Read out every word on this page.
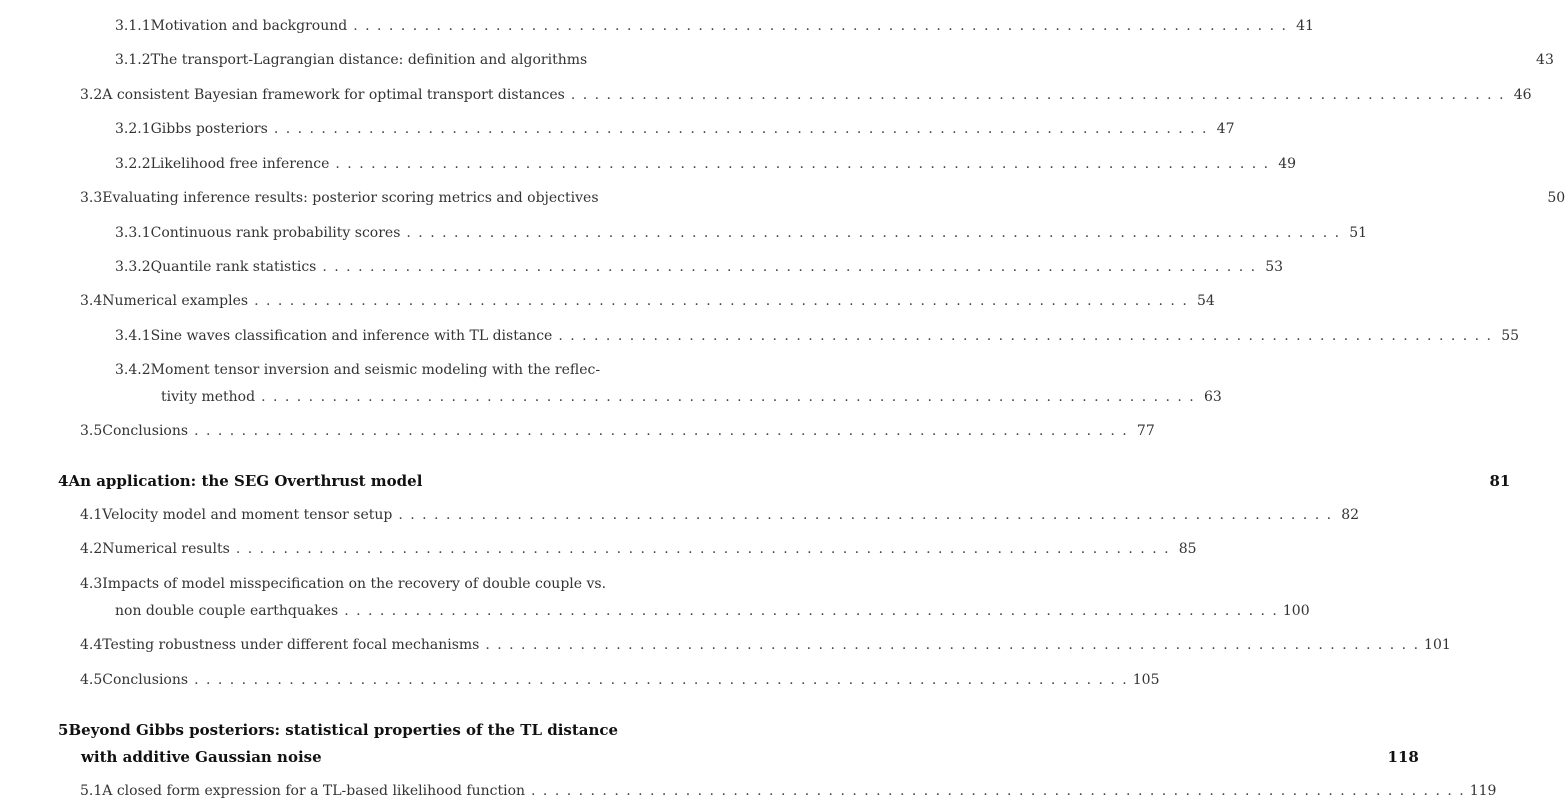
3.1.1 Motivation and background . . .	41
3.1.2 The transport-Lagrangian distance: definition and algorithms	43
3.2 A consistent Bayesian framework for optimal transport distances . . .	46
3.2.1 Gibbs posteriors . . .	47
3.2.2 Likelihood free inference . . .	49
3.3 Evaluating inference results: posterior scoring metrics and objectives	50
3.3.1 Continuous rank probability scores . . .	51
3.3.2 Quantile rank statistics . . .	53
3.4 Numerical examples . . .	54
3.4.1 Sine waves classification and inference with TL distance . . .	55
3.4.2 Moment tensor inversion and seismic modeling with the reflec-
tivity method . . .	63
3.5 Conclusions . . .	77
4 An application: the SEG Overthrust model	81
4.1 Velocity model and moment tensor setup . . .	82
4.2 Numerical results . . .	85
4.3 Impacts of model misspecification on the recovery of double couple vs.
non double couple earthquakes . . .	100
4.4 Testing robustness under different focal mechanisms . . .	101
4.5 Conclusions . . .	105
5 Beyond Gibbs posteriors: statistical properties of the TL distance
with additive Gaussian noise	118
5.1 A closed form expression for a TL-based likelihood function . . .	119
